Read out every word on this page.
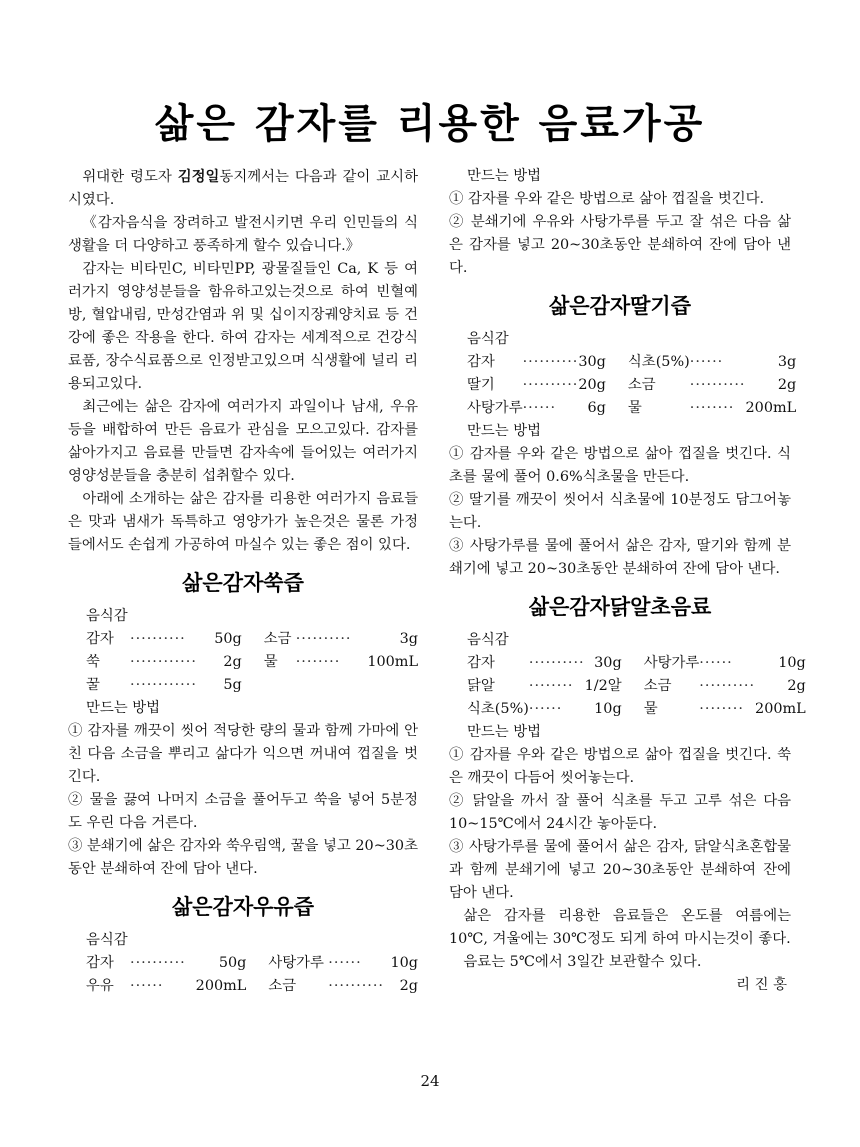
삶은 감자를 리용한 음료가공

위대한 령도자 김정일동지께서는 다음과 같이 교시하시였다.

《감자음식을 장려하고 발전시키면 우리 인민들의 식생활을 더 다양하고 풍족하게 할수 있습니다.》

감자는 비타민C, 비타민PP, 광물질들인 Ca, K 등 여러가지 영양성분들을 함유하고있는것으로 하여 빈혈예방, 혈압내림, 만성간염과 위 및 십이지장궤양치료 등 건강에 좋은 작용을 한다. 하여 감자는 세계적으로 건강식료품, 장수식료품으로 인정받고있으며 식생활에 널리 리용되고있다.

최근에는 삶은 감자에 여러가지 과일이나 남새, 우유 등을 배합하여 만든 음료가 관심을 모으고있다. 감자를 삶아가지고 음료를 만들면 감자속에 들어있는 여러가지 영양성분들을 충분히 섭취할수 있다.

아래에 소개하는 삶은 감자를 리용한 여러가지 음료들은 맛과 냄새가 독특하고 영양가가 높은것은 물론 가정들에서도 손쉽게 가공하여 마실수 있는 좋은 점이 있다.

삶은감자쑥즙
음식감
감자	··········	50g	소금	··········	3g
쑥	············	2g	물	········	100mL
꿀	············	5g			
만드는 방법

① 감자를 깨끗이 씻어 적당한 량의 물과 함께 가마에 안친 다음 소금을 뿌리고 삶다가 익으면 꺼내여 껍질을 벗긴다.

② 물을 끓여 나머지 소금을 풀어두고 쑥을 넣어 5분정도 우린 다음 거른다.

③ 분쇄기에 삶은 감자와 쑥우림액, 꿀을 넣고 20~30초동안 분쇄하여 잔에 담아 낸다.

삶은감자우유즙
음식감
감자	··········	50g	사탕가루	······	10g
우유	······	200mL	소금	··········	2g
만드는 방법

① 감자를 우와 같은 방법으로 삶아 껍질을 벗긴다.

② 분쇄기에 우유와 사탕가루를 두고 잘 섞은 다음 삶은 감자를 넣고 20~30초동안 분쇄하여 잔에 담아 낸다.

삶은감자딸기즙
음식감
감자	··········	30g	식초(5%)	······	3g
딸기	··········	20g	소금	··········	2g
사탕가루	······	6g	물	········	200mL
만드는 방법

① 감자를 우와 같은 방법으로 삶아 껍질을 벗긴다. 식초를 물에 풀어 0.6%식초물을 만든다.

② 딸기를 깨끗이 씻어서 식초물에 10분정도 담그어놓는다.

③ 사탕가루를 물에 풀어서 삶은 감자, 딸기와 함께 분쇄기에 넣고 20~30초동안 분쇄하여 잔에 담아 낸다.

삶은감자닭알초음료
음식감
감자	··········	30g	사탕가루	······	10g
닭알	········	1/2알	소금	··········	2g
식초(5%)	······	10g	물	········	200mL
만드는 방법

① 감자를 우와 같은 방법으로 삶아 껍질을 벗긴다. 쑥은 깨끗이 다듬어 씻어놓는다.

② 닭알을 까서 잘 풀어 식초를 두고 고루 섞은 다음 10~15℃에서 24시간 놓아둔다.

③ 사탕가루를 물에 풀어서 삶은 감자, 닭알식초혼합물과 함께 분쇄기에 넣고 20~30초동안 분쇄하여 잔에 담아 낸다.

삶은 감자를 리용한 음료들은 온도를 여름에는 10℃, 겨울에는 30℃정도 되게 하여 마시는것이 좋다.

음료는 5℃에서 3일간 보관할수 있다.

리 진 홍
24
